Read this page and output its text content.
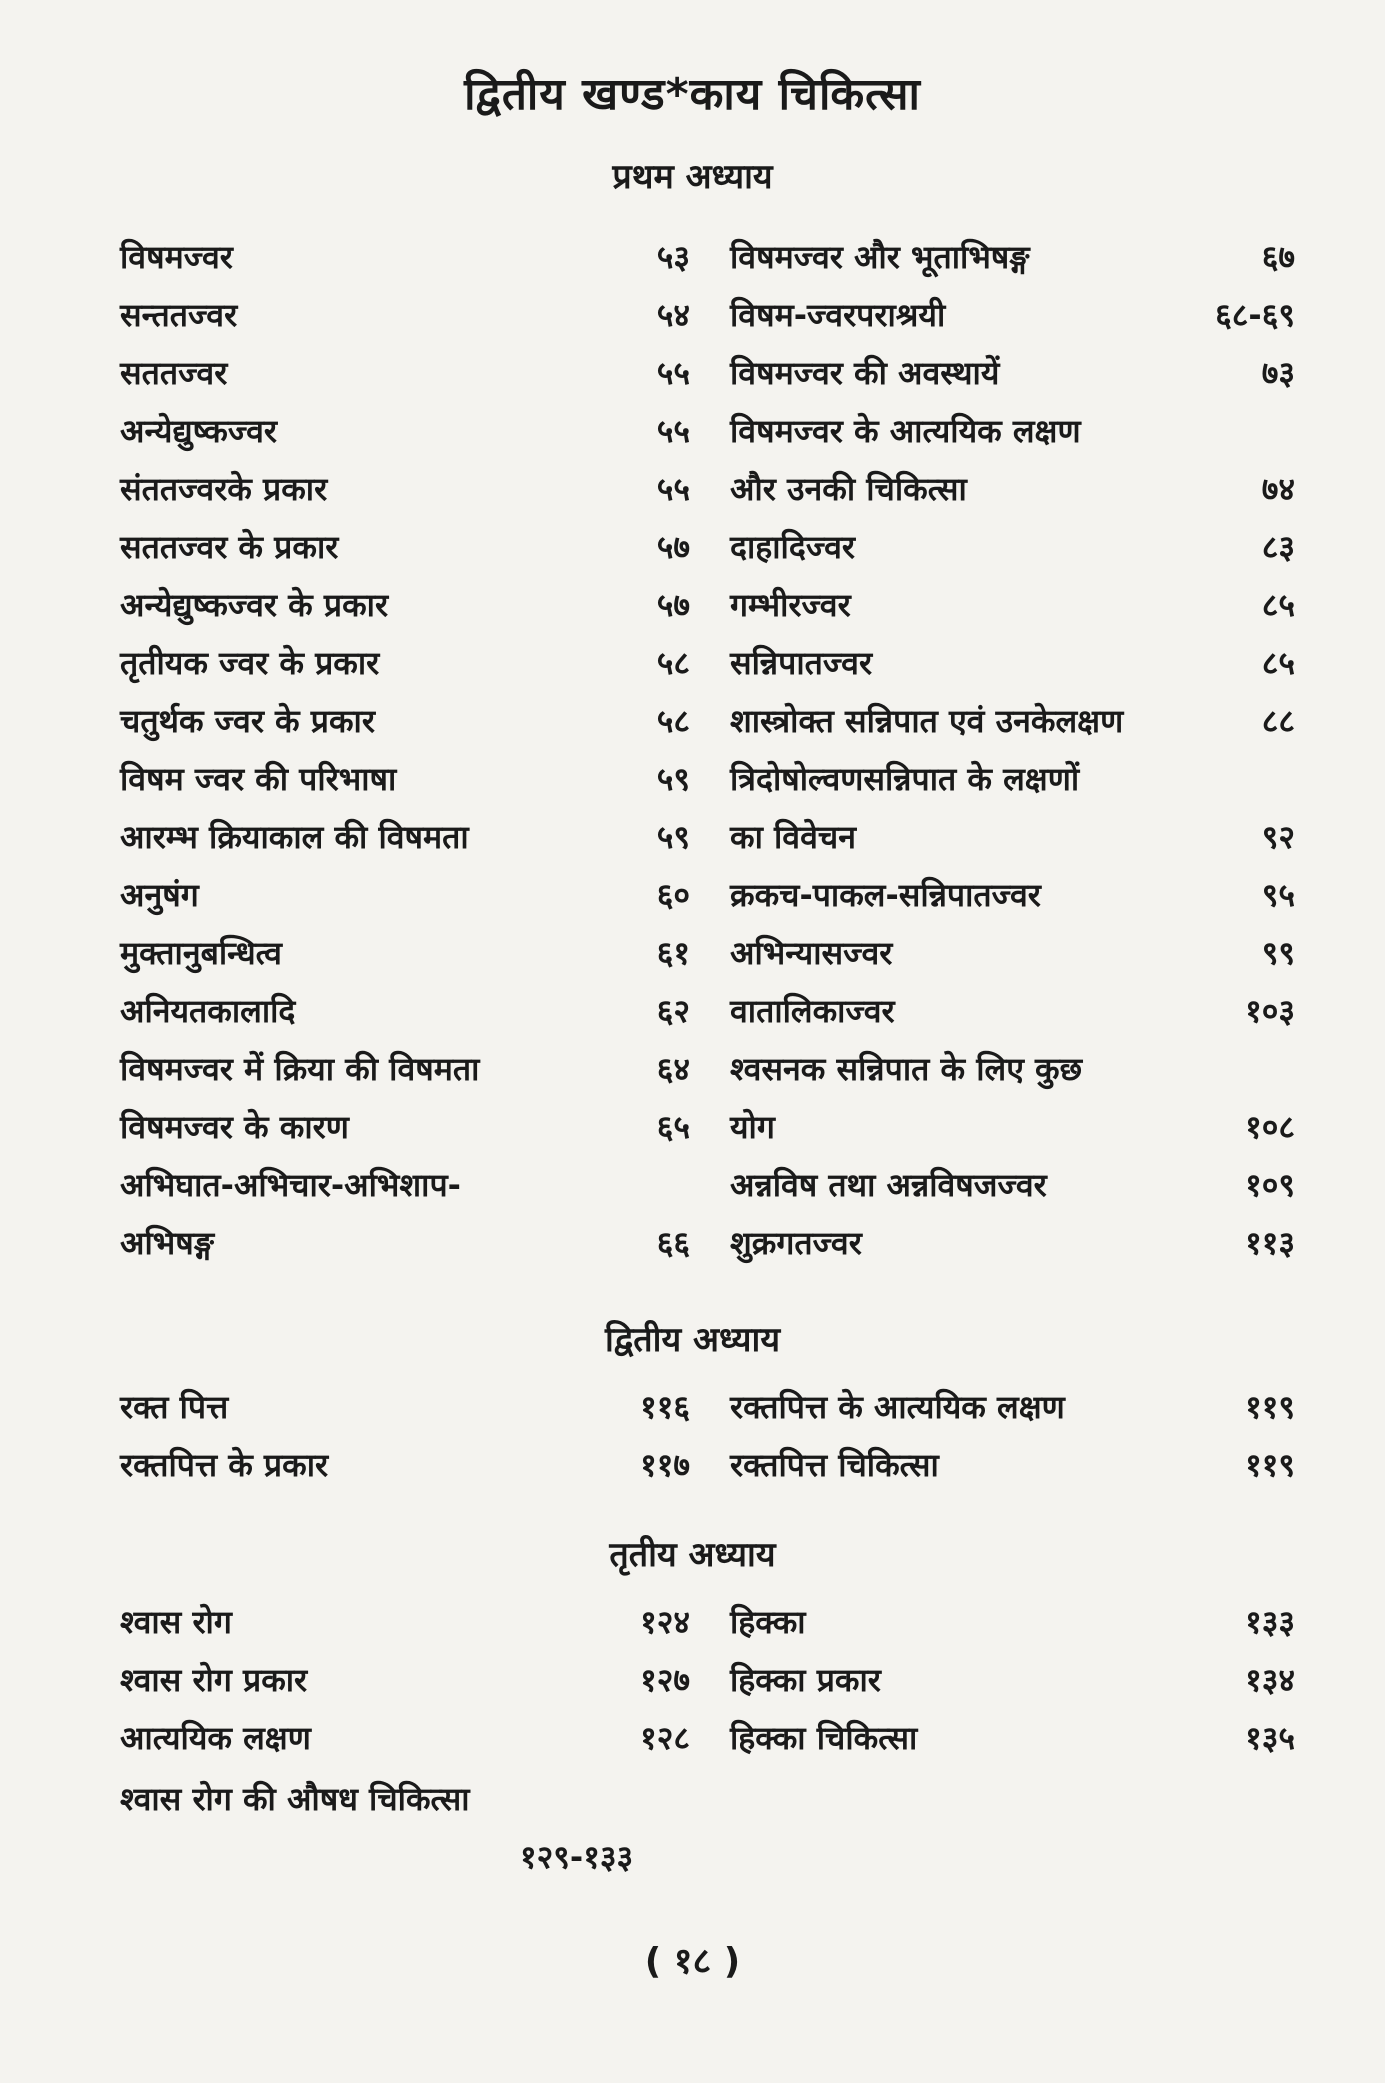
द्वितीय खण्ड*काय चिकित्सा
प्रथम अध्याय
विषमज्वर	५३
सन्ततज्वर	५४
सततज्वर	५५
अन्येद्युष्कज्वर	५५
संततज्वरके प्रकार	५५
सततज्वर के प्रकार	५७
अन्येद्युष्कज्वर के प्रकार	५७
तृतीयक ज्वर के प्रकार	५८
चतुर्थक ज्वर के प्रकार	५८
विषम ज्वर की परिभाषा	५९
आरम्भ क्रियाकाल की विषमता	५९
अनुषंग	६०
मुक्तानुबन्धित्व	६१
अनियतकालादि	६२
विषमज्वर में क्रिया की विषमता	६४
विषमज्वर के कारण	६५
अभिघात-अभिचार-अभिशाप-
अभिषङ्ग	६६
विषमज्वर और भूताभिषङ्ग	६७
विषम-ज्वरपराश्रयी	६८-६९
विषमज्वर की अवस्थायें	७३
विषमज्वर के आत्ययिक लक्षण
और उनकी चिकित्सा	७४
दाहादिज्वर	८३
गम्भीरज्वर	८५
सन्निपातज्वर	८५
शास्त्रोक्त सन्निपात एवं उनकेलक्षण	८८
त्रिदोषोल्वणसन्निपात के लक्षणों
का विवेचन	९२
क्रकच-पाकल-सन्निपातज्वर	९५
अभिन्यासज्वर	९९
वातालिकाज्वर	१०३
श्वसनक सन्निपात के लिए कुछ
योग	१०८
अन्नविष तथा अन्नविषजज्वर	१०९
शुक्रगतज्वर	११३
द्वितीय अध्याय
रक्त पित्त	११६
रक्तपित्त के प्रकार	११७
रक्तपित्त के आत्ययिक लक्षण	११९
रक्तपित्त चिकित्सा	११९
तृतीय अध्याय
श्वास रोग	१२४
श्वास रोग प्रकार	१२७
आत्ययिक लक्षण	१२८
हिक्का	१३३
हिक्का प्रकार	१३४
हिक्का चिकित्सा	१३५
श्वास रोग की औषध चिकित्सा
१२९-१३३
( १८ )
